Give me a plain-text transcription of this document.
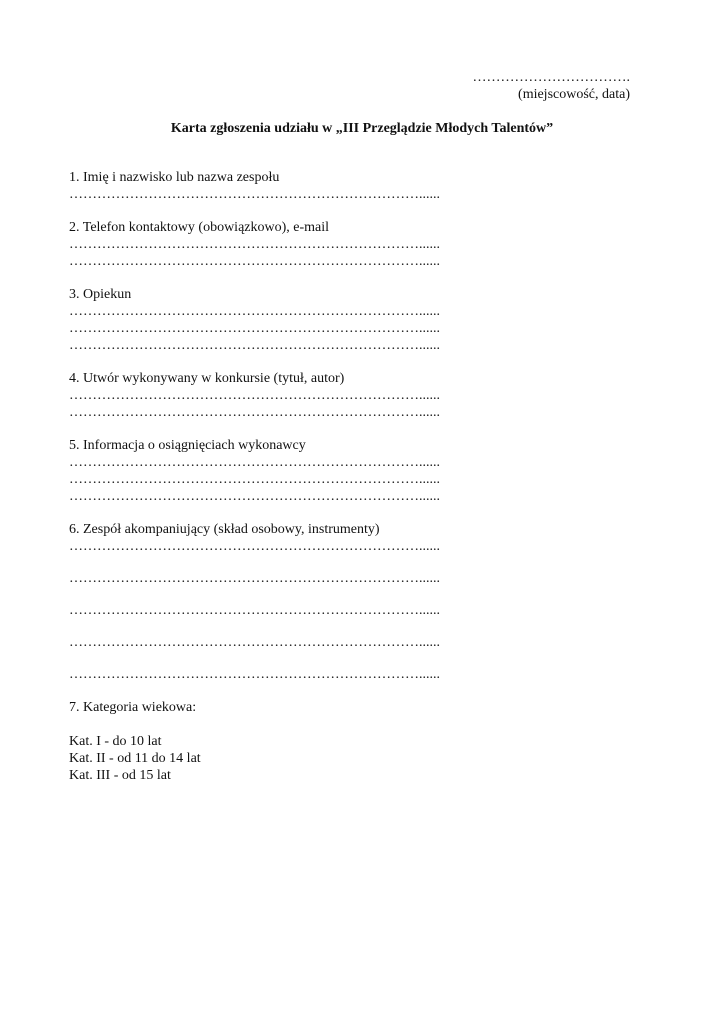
…………………………….
(miejscowość, data)
Karta zgłoszenia udziału w „III Przeglądzie Młodych Talentów”
1. Imię i nazwisko lub nazwa zespołu
…………………………………………………………………......
2. Telefon kontaktowy (obowiązkowo), e-mail
…………………………………………………………………......
…………………………………………………………………......
3. Opiekun
…………………………………………………………………......
…………………………………………………………………......
…………………………………………………………………......
4. Utwór wykonywany w konkursie (tytuł, autor)
…………………………………………………………………......
…………………………………………………………………......
5. Informacja o osiągnięciach wykonawcy
…………………………………………………………………......
…………………………………………………………………......
…………………………………………………………………......
6. Zespół akompaniujący (skład osobowy, instrumenty)
…………………………………………………………………......
…………………………………………………………………......
…………………………………………………………………......
…………………………………………………………………......
…………………………………………………………………......
7. Kategoria wiekowa:
Kat. I - do 10 lat
Kat. II - od 11 do 14 lat
Kat. III - od 15 lat
